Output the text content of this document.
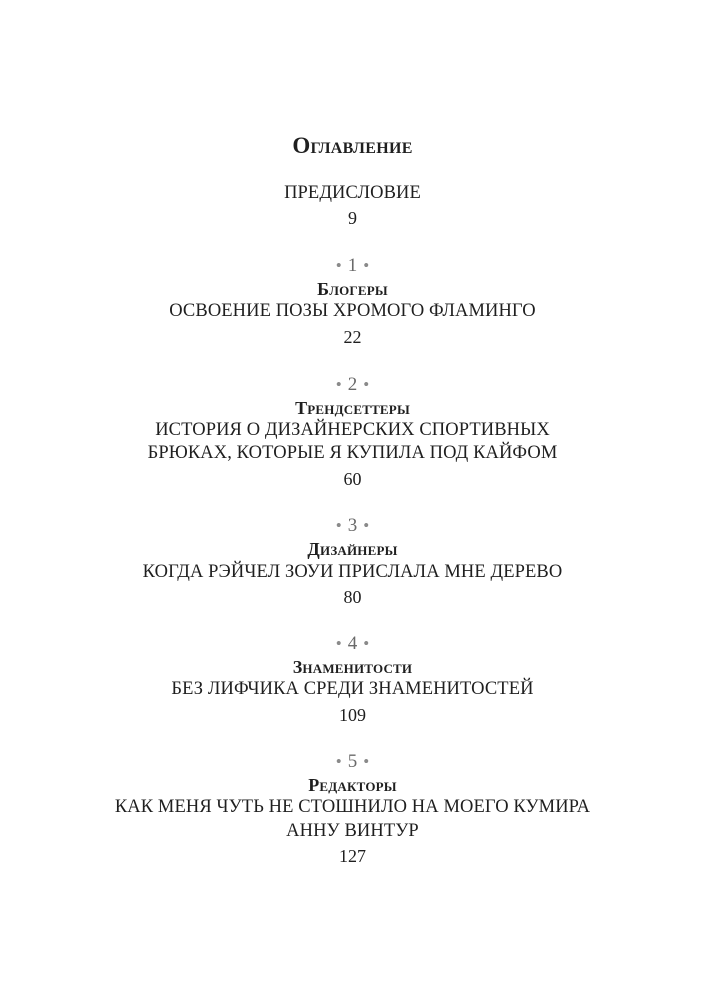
Оглавление
ПРЕДИСЛОВИЕ
9
• 1 •
Блогеры
ОСВОЕНИЕ ПОЗЫ ХРОМОГО ФЛАМИНГО
22
• 2 •
Трендсеттеры
ИСТОРИЯ О ДИЗАЙНЕРСКИХ СПОРТИВНЫХ
БРЮКАХ, КОТОРЫЕ Я КУПИЛА ПОД КАЙФОМ
60
• 3 •
Дизайнеры
КОГДА РЭЙЧЕЛ ЗОУИ ПРИСЛАЛА МНЕ ДЕРЕВО
80
• 4 •
Знаменитости
БЕЗ ЛИФЧИКА СРЕДИ ЗНАМЕНИТОСТЕЙ
109
• 5 •
Редакторы
КАК МЕНЯ ЧУТЬ НЕ СТОШНИЛО НА МОЕГО КУМИРА
АННУ ВИНТУР
127
